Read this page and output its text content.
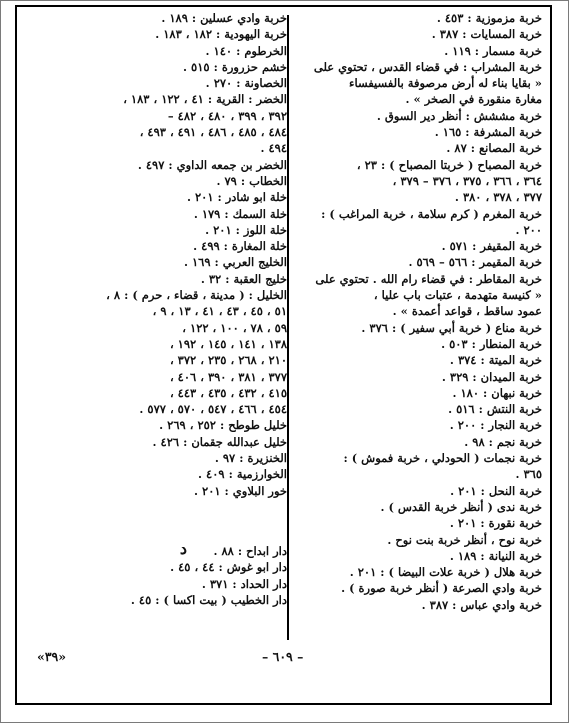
خربة مزموزية : ٤٥٣ .
خربة المسايات : ٣٨٧ .
خربة مسمار : ١١٩ .
خربة المشراب : في قضاء القدس ، تحتوي على
« بقايا بناء له أرض مرصوفة بالفسيفساء
مغارة منقورة في الصخر » .
خربة مششش : أنظر دير السوق .
خربة المشرفة : ١٦٥ .
خربة المصانع : ٨٧ .
خربة المصباح ( خربتا المصباح ) : ٢٣ ،
٣٦٤ ، ٣٦٦ ، ٣٧٥ ، ٣٧٦ – ٣٧٩ ،
٣٧٧ ، ٣٧٨ ، ٣٨٠ .
خربة المغرم ( كرم سلامة ، خربة المراغب ) :
٢٠٠ .
خربة المقيفر : ٥٧١ .
خربة المقيمر : ٥٦٦ – ٥٦٩ .
خربة المقاطر : في قضاء رام الله . تحتوي على
« كنيسة متهدمة ، عتبات باب عليا ،
عمود ساقط ، قواعد أعمدة » .
خربة مناع ( خربة أبي سفير ) : ٣٧٦ .
خربة المنطار : ٥٠٣ .
خربة الميتة : ٣٧٤ .
خربة الميدان : ٣٢٩ .
خربة نبهان : ١٨٠ .
خربة النتش : ٥١٦ .
خربة النجار : ٢٠٠ .
خربة نجم : ٩٨ .
خربة نجمات ( الحودلي ، خربة فموش ) :
٣٦٥ .
خربة النحل : ٢٠١ .
خربة ندى ( أنظر خربة القدس ) .
خربة نقورة : ٢٠١ .
خربة نوح ، أنظر خربة بنت نوح .
خربة النيانة : ١٨٩ .
خربة هلال ( خربة علات البيضا ) : ٢٠١ .
خربة وادي الصرعة ( أنظر خربة صورة ) .
خربة وادي عباس : ٣٨٧ .
خربة وادي عسلين : ١٨٩ .
خربة اليهودية : ١٨٢ ، ١٨٣ .
الخرطوم : ١٤٠ .
خشم حزرورة : ٥١٥ .
الخصاونة : ٢٧٠ .
الخضر : القرية : ٤١ ، ١٢٢ ، ١٨٣ ،
٣٩٢ ، ٣٩٩ ، ٤٨٠ ، ٤٨٢ –
٤٨٤ ، ٤٨٥ ، ٤٨٦ ، ٤٩١ ، ٤٩٣ ،
٤٩٤ .
الخضر بن جمعه الداوي : ٤٩٧ .
الخطاب : ٧٩ .
خلة ابو شادر : ٢٠١ .
خلة السمك : ١٧٩ .
خلة اللوز : ٢٠١ .
خلة المغارة : ٤٩٩ .
الخليج العربي : ١٦٩ .
خليج العقبة : ٣٢ .
الخليل : ( مدينة ، قضاء ، حرم ) : ٨ ،
٥١ ، ٤٥ ، ٤٣ ، ٤١ ، ١٣ ، ٩ ،
٥٩ ، ٧٨ ، ١٠٠ ، ١٢٢ ،
١٣٨ ، ١٤١ ، ١٤٥ ، ١٩٢ ،
٢١٠ ، ٢٦٨ ، ٢٣٥ ، ٣٧٢ ،
٣٧٧ ، ٣٨١ ، ٣٩٠ ، ٤٠٦ ،
٤١٥ ، ٤٣٢ ، ٤٣٥ ، ٤٤٣ ،
٤٥٤ ، ٤٦٦ ، ٥٤٧ ، ٥٧٠ ، ٥٧٧ .
خليل طوطح : ٢٥٢ ، ٢٦٩ .
خليل عبدالله جقمان : ٤٢٦ .
الخنزيرة : ٩٧ .
الخوارزمية : ٤٠٩ .
خور البلاوي : ٢٠١ .
دار ابداح : ٨٨ .
دار ابو غوش : ٤٤ ، ٤٥ .
دار الحداد : ٣٧١ .
دار الخطيب ( بيت اكسا ) : ٤٥ .
د
– ٦٠٩ –
«٣٩»
